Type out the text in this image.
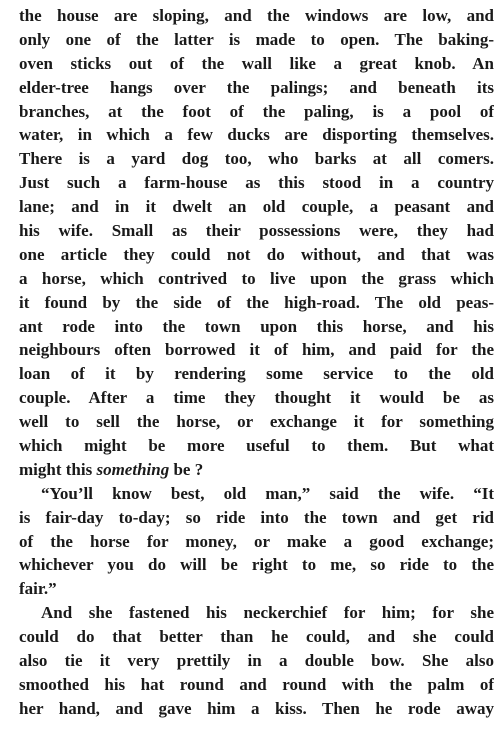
the house are sloping, and the windows are low, and
only one of the latter is made to open. The baking-
oven sticks out of the wall like a great knob. An
elder-tree hangs over the palings; and beneath its
branches, at the foot of the paling, is a pool of
water, in which a few ducks are disporting themselves.
There is a yard dog too, who barks at all comers.
Just such a farm-house as this stood in a country
lane; and in it dwelt an old couple, a peasant and
his wife. Small as their possessions were, they had
one article they could not do without, and that was
a horse, which contrived to live upon the grass which
it found by the side of the high-road. The old peas-
ant rode into the town upon this horse, and his
neighbours often borrowed it of him, and paid for the
loan of it by rendering some service to the old
couple. After a time they thought it would be as
well to sell the horse, or exchange it for something
which might be more useful to them. But what
might this something be ?
“You’ll know best, old man,” said the wife. “It
is fair-day to-day; so ride into the town and get rid
of the horse for money, or make a good exchange;
whichever you do will be right to me, so ride to the
fair.”
And she fastened his neckerchief for him; for she
could do that better than he could, and she could
also tie it very prettily in a double bow. She also
smoothed his hat round and round with the palm of
her hand, and gave him a kiss. Then he rode away
